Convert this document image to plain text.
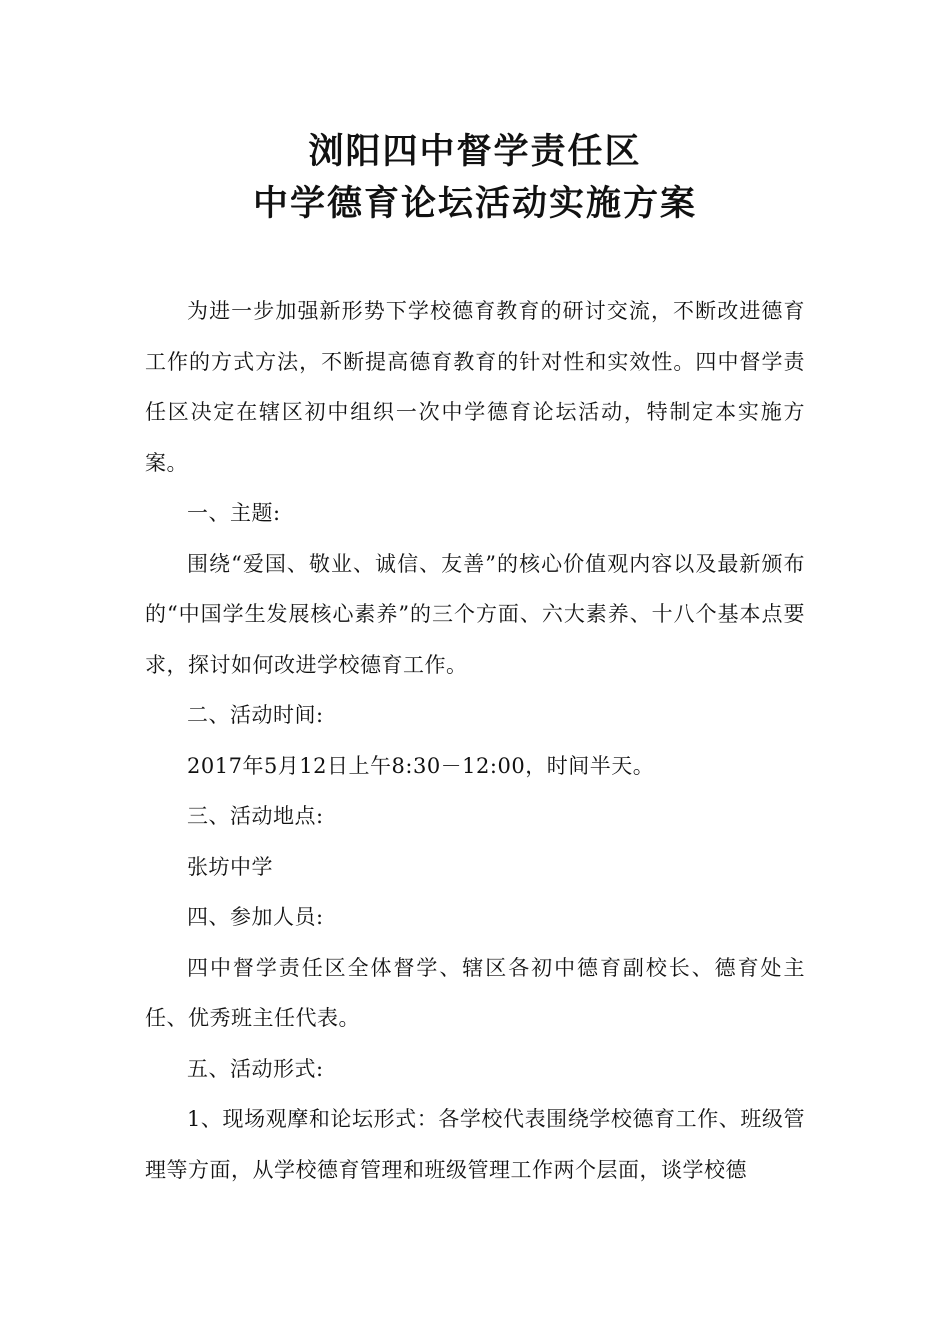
浏阳四中督学责任区
中学德育论坛活动实施方案

为进一步加强新形势下学校德育教育的研讨交流，不断改进德育工作的方式方法，不断提高德育教育的针对性和实效性。四中督学责任区决定在辖区初中组织一次中学德育论坛活动，特制定本实施方案。

一、主题:

围绕“爱国、敬业、诚信、友善”的核心价值观内容以及最新颁布的“中国学生发展核心素养”的三个方面、六大素养、十八个基本点要求，探讨如何改进学校德育工作。

二、活动时间:

2017年5月12日上午8:30－12:00，时间半天。

三、活动地点:

张坊中学

四、参加人员:

四中督学责任区全体督学、辖区各初中德育副校长、德育处主任、优秀班主任代表。

五、活动形式:

1、现场观摩和论坛形式：各学校代表围绕学校德育工作、班级管理等方面，从学校德育管理和班级管理工作两个层面，谈学校德
